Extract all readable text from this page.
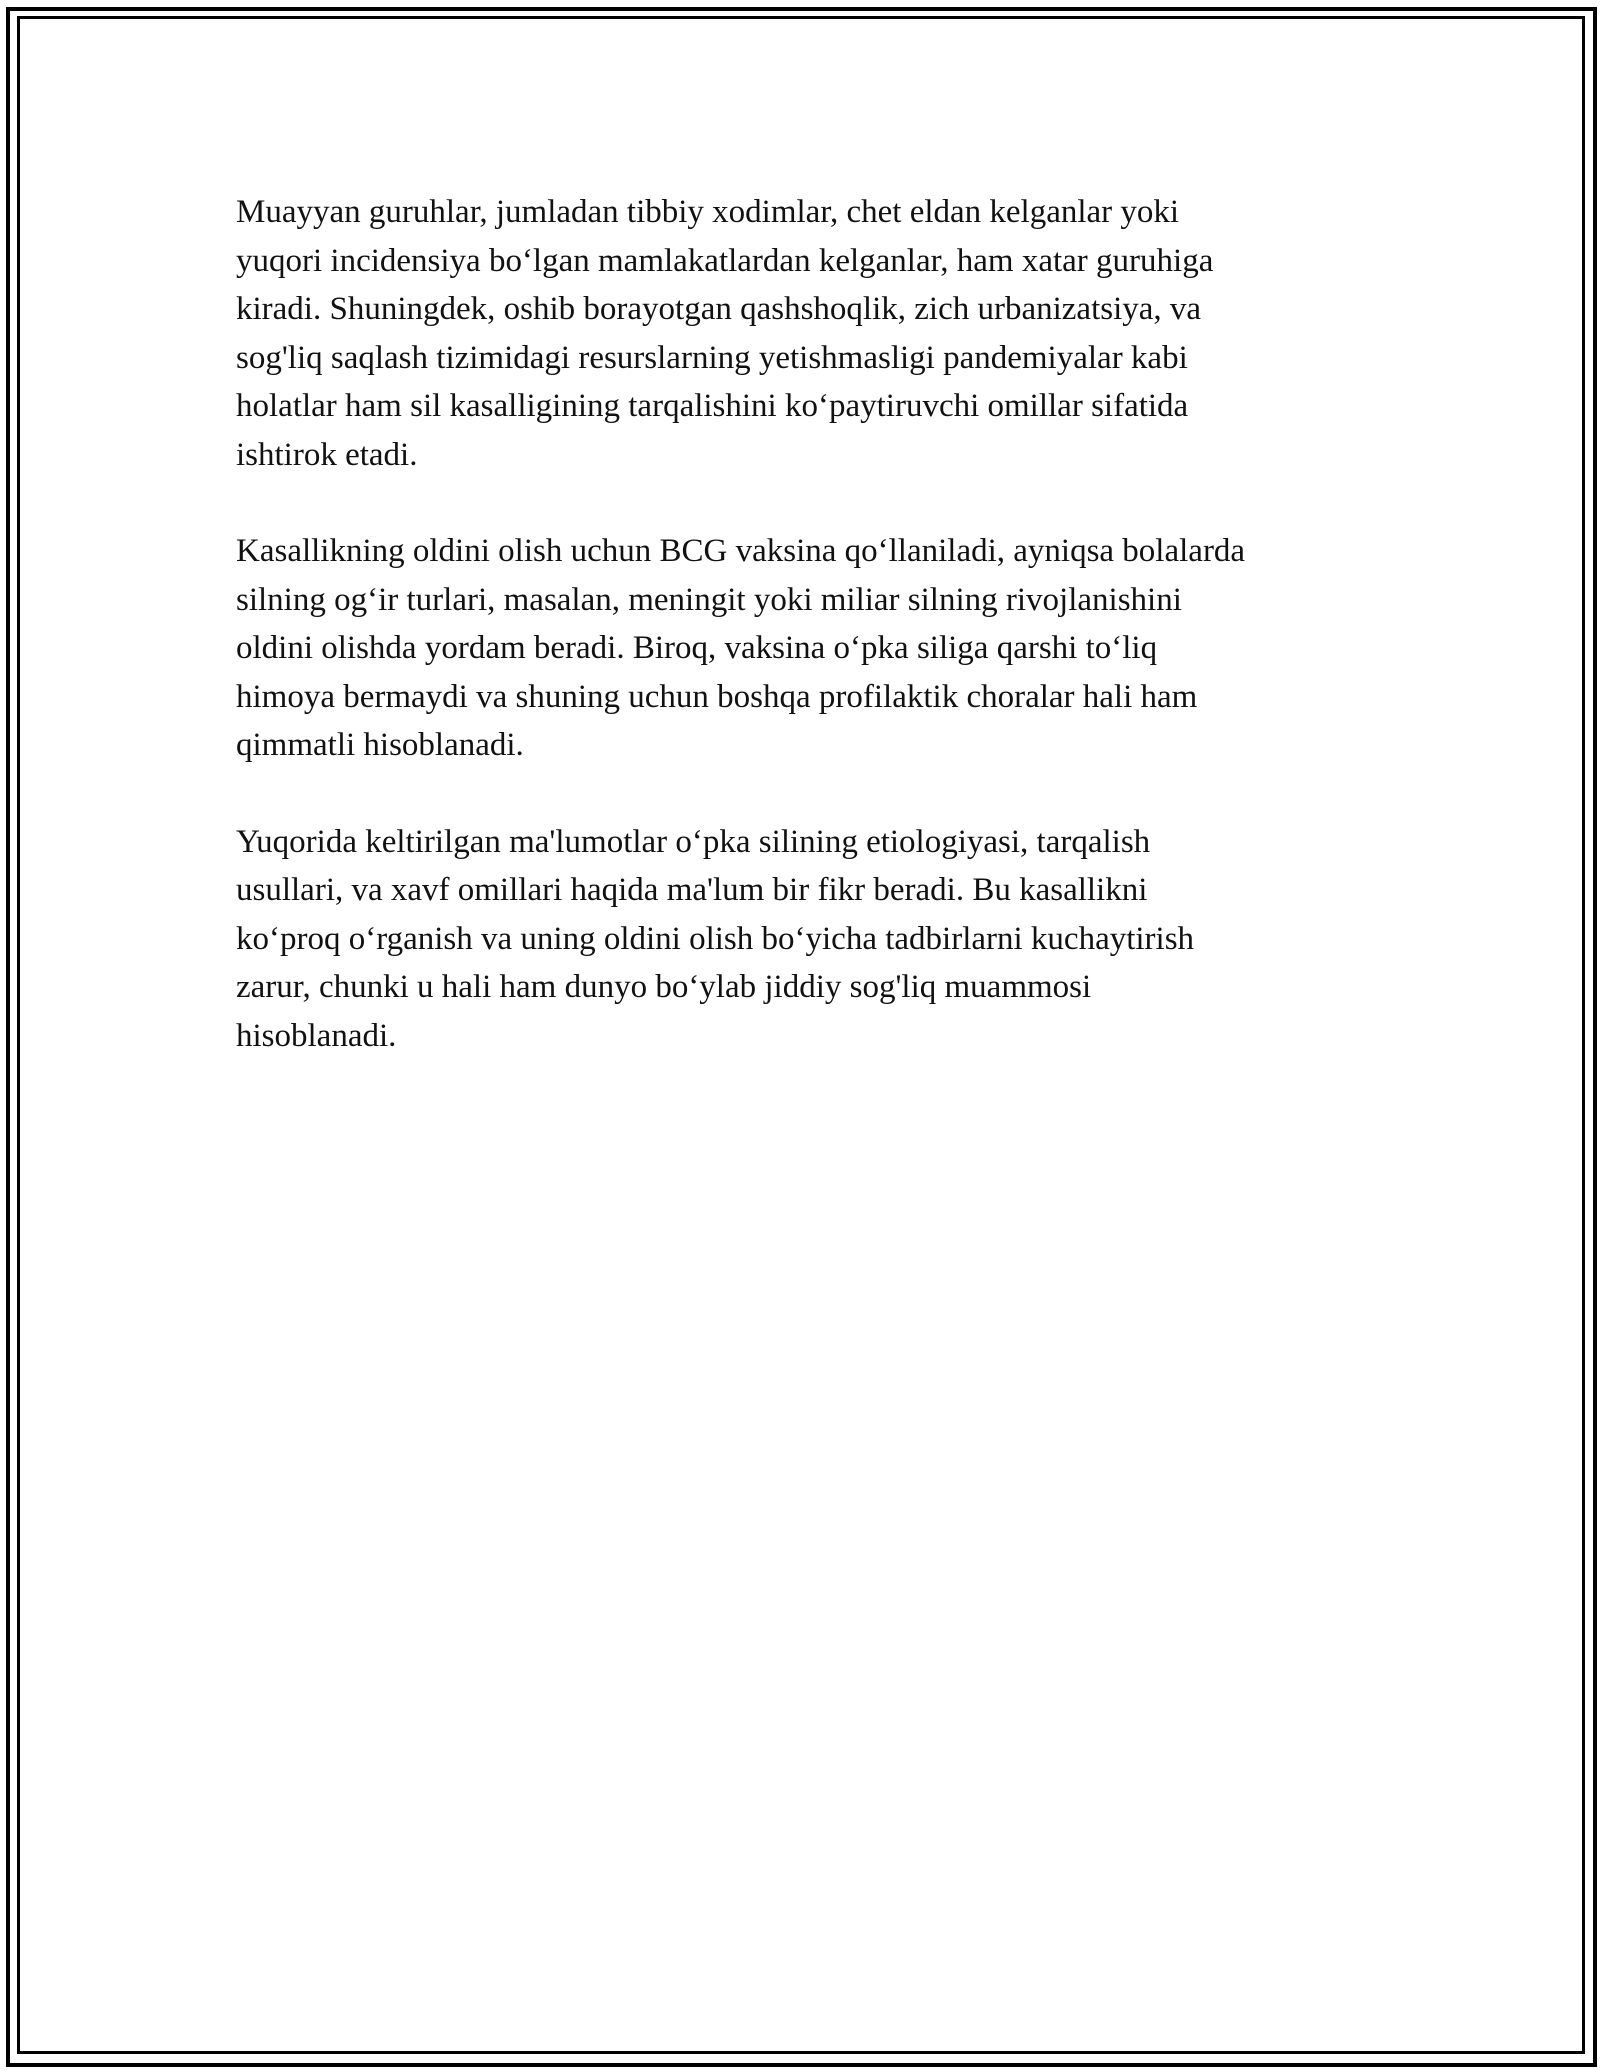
Muayyan guruhlar, jumladan tibbiy xodimlar, chet eldan kelganlar yoki
yuqori incidensiya bo‘lgan mamlakatlardan kelganlar, ham xatar guruhiga
kiradi. Shuningdek, oshib borayotgan qashshoqlik, zich urbanizatsiya, va
sog'liq saqlash tizimidagi resurslarning yetishmasligi pandemiyalar kabi
holatlar ham sil kasalligining tarqalishini ko‘paytiruvchi omillar sifatida
ishtirok etadi.

Kasallikning oldini olish uchun BCG vaksina qo‘llaniladi, ayniqsa bolalarda
silning og‘ir turlari, masalan, meningit yoki miliar silning rivojlanishini
oldini olishda yordam beradi. Biroq, vaksina o‘pka siliga qarshi to‘liq
himoya bermaydi va shuning uchun boshqa profilaktik choralar hali ham
qimmatli hisoblanadi.

Yuqorida keltirilgan ma'lumotlar o‘pka silining etiologiyasi, tarqalish
usullari, va xavf omillari haqida ma'lum bir fikr beradi. Bu kasallikni
ko‘proq o‘rganish va uning oldini olish bo‘yicha tadbirlarni kuchaytirish
zarur, chunki u hali ham dunyo bo‘ylab jiddiy sog'liq muammosi
hisoblanadi.
